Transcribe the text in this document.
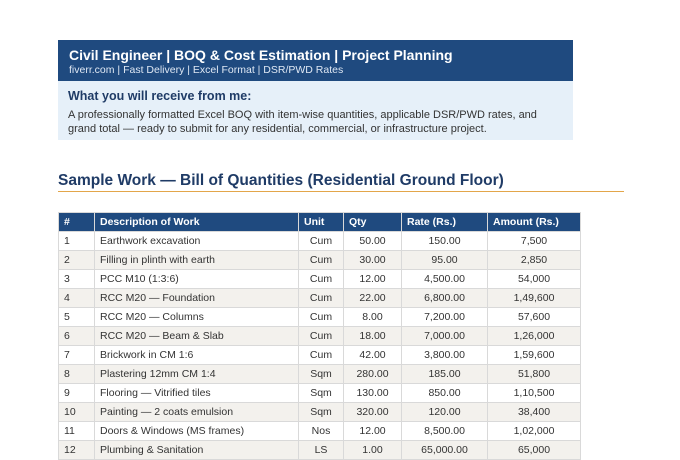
Civil Engineer | BOQ & Cost Estimation | Project Planning
fiverr.com | Fast Delivery | Excel Format | DSR/PWD Rates
What you will receive from me:
A professionally formatted Excel BOQ with item-wise quantities, applicable DSR/PWD rates, and grand total — ready to submit for any residential, commercial, or infrastructure project.
Sample Work — Bill of Quantities (Residential Ground Floor)
#	Description of Work	Unit	Qty	Rate (Rs.)	Amount (Rs.)
1	Earthwork excavation	Cum	50.00	150.00	7,500
2	Filling in plinth with earth	Cum	30.00	95.00	2,850
3	PCC M10 (1:3:6)	Cum	12.00	4,500.00	54,000
4	RCC M20 — Foundation	Cum	22.00	6,800.00	1,49,600
5	RCC M20 — Columns	Cum	8.00	7,200.00	57,600
6	RCC M20 — Beam & Slab	Cum	18.00	7,000.00	1,26,000
7	Brickwork in CM 1:6	Cum	42.00	3,800.00	1,59,600
8	Plastering 12mm CM 1:4	Sqm	280.00	185.00	51,800
9	Flooring — Vitrified tiles	Sqm	130.00	850.00	1,10,500
10	Painting — 2 coats emulsion	Sqm	320.00	120.00	38,400
11	Doors & Windows (MS frames)	Nos	12.00	8,500.00	1,02,000
12	Plumbing & Sanitation	LS	1.00	65,000.00	65,000
